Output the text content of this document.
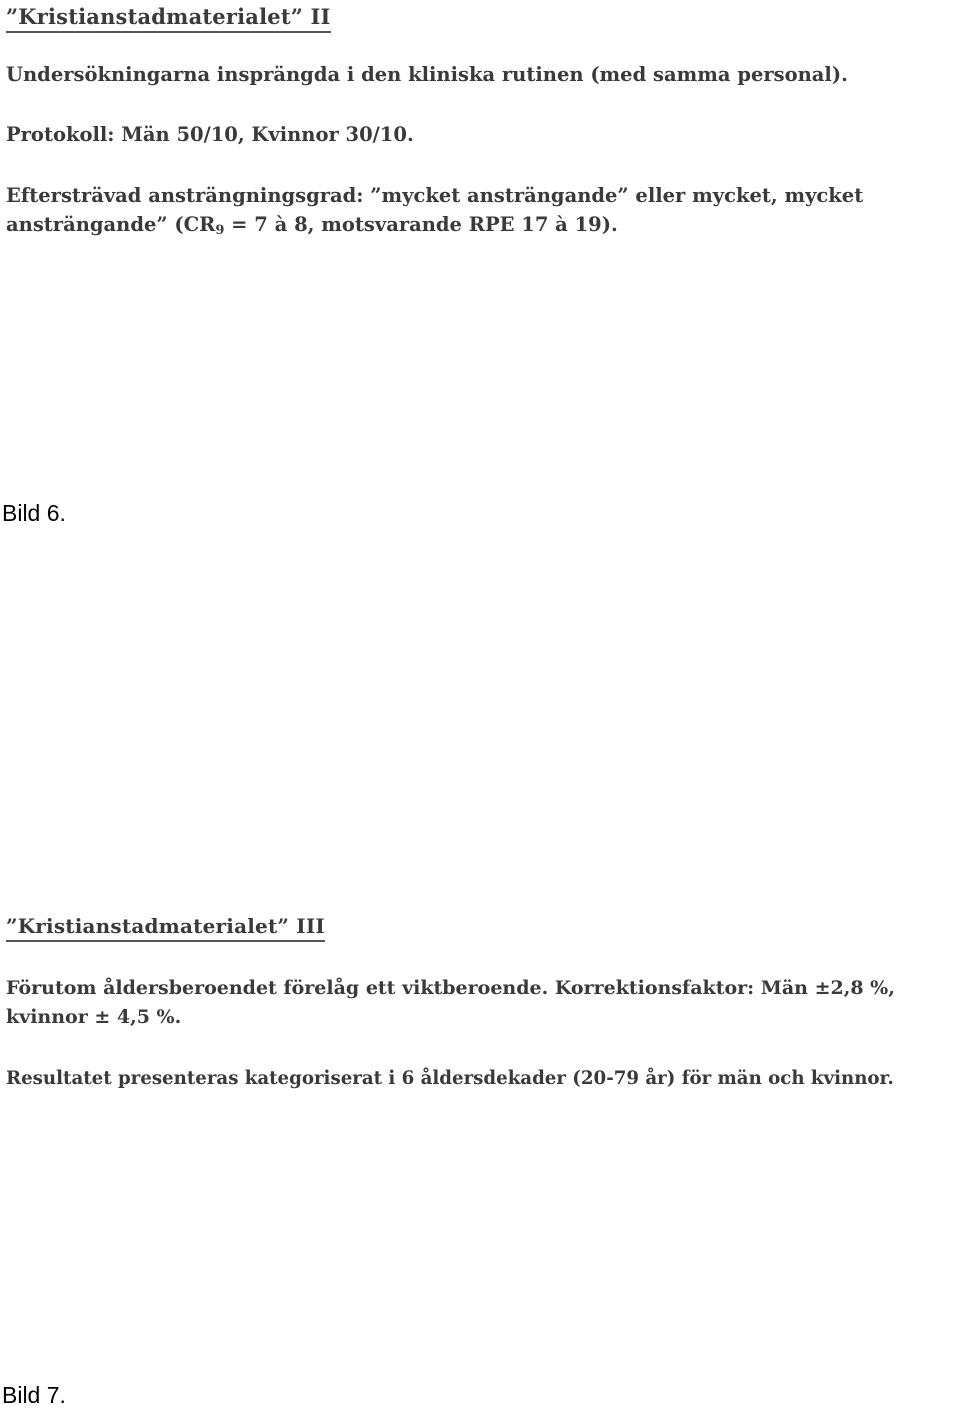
”Kristianstadmaterialet” II
Undersökningarna insprängda i den kliniska rutinen (med samma personal).
Protokoll: Män 50/10, Kvinnor 30/10.
Eftersträvad ansträngningsgrad: ”mycket ansträngande” eller mycket, mycket
ansträngande” ($CR_9 = 7$ à 8, motsvarande RPE 17 à 19).
Bild 6.
”Kristianstadmaterialet” III
Förutom åldersberoendet förelåg ett viktberoende. Korrektionsfaktor: Män ±2,8 %,
kvinnor ± 4,5 %.
Resultatet presenteras kategoriserat i 6 åldersdekader (20-79 år) för män och kvinnor.
Bild 7.
